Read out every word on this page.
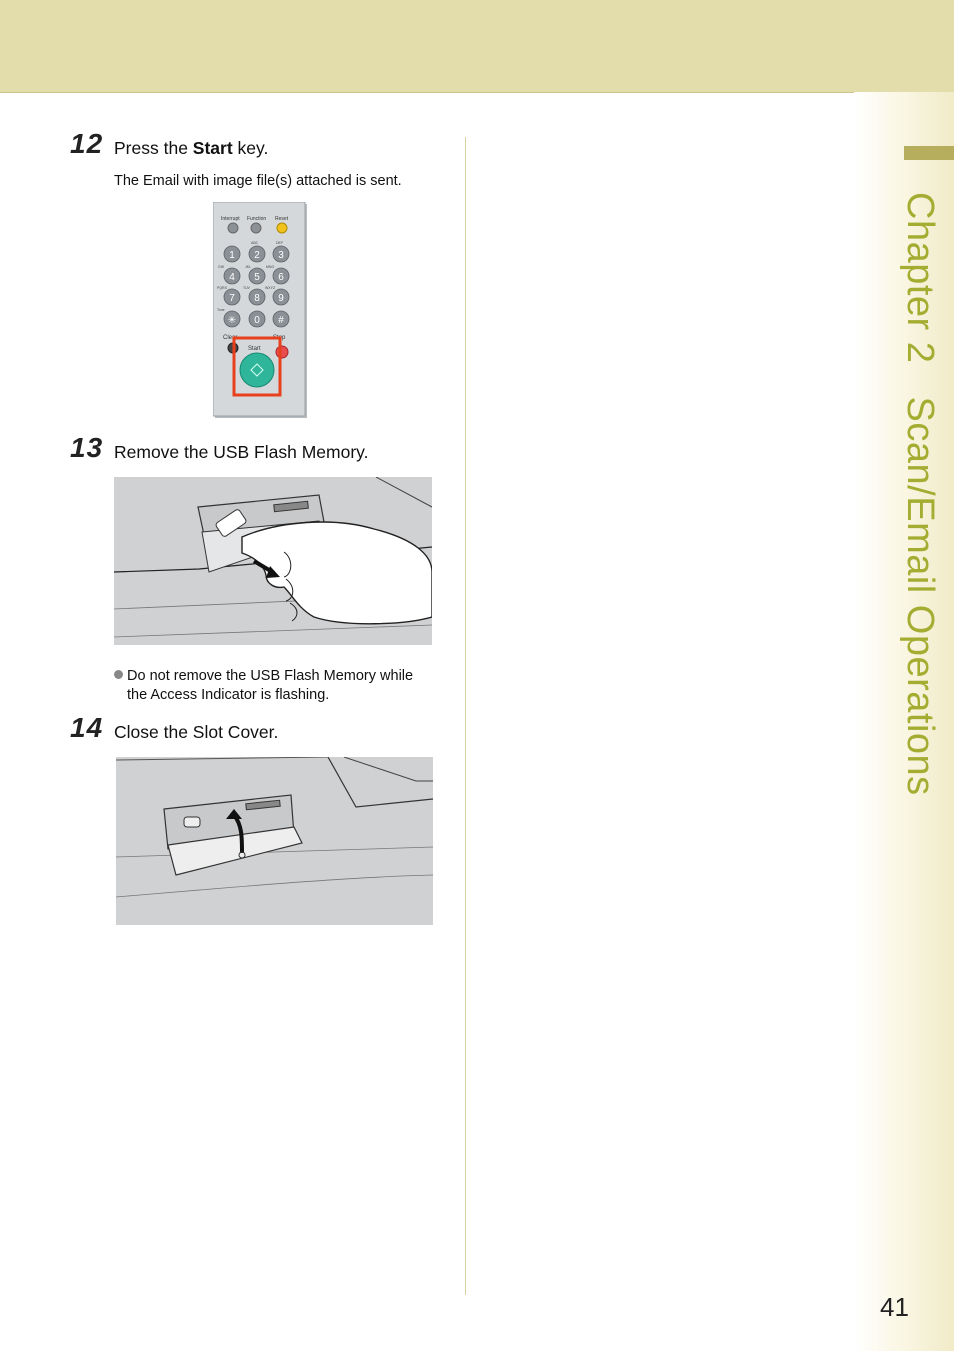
Chapter 2   Scan/Email Operations
12 Press the Start key.
The Email with image file(s) attached is sent.
Interrupt Function Reset
1 2 3
4 5 6
7 8 9
✳ 0 #
ABC	DEF
GHI	JKL	MNO
PQRS	TUV	WXYZ
Tone
Clear	Stop
Start
13 Remove the USB Flash Memory.
Do not remove the USB Flash Memory while
the Access Indicator is flashing.
14 Close the Slot Cover.
41
